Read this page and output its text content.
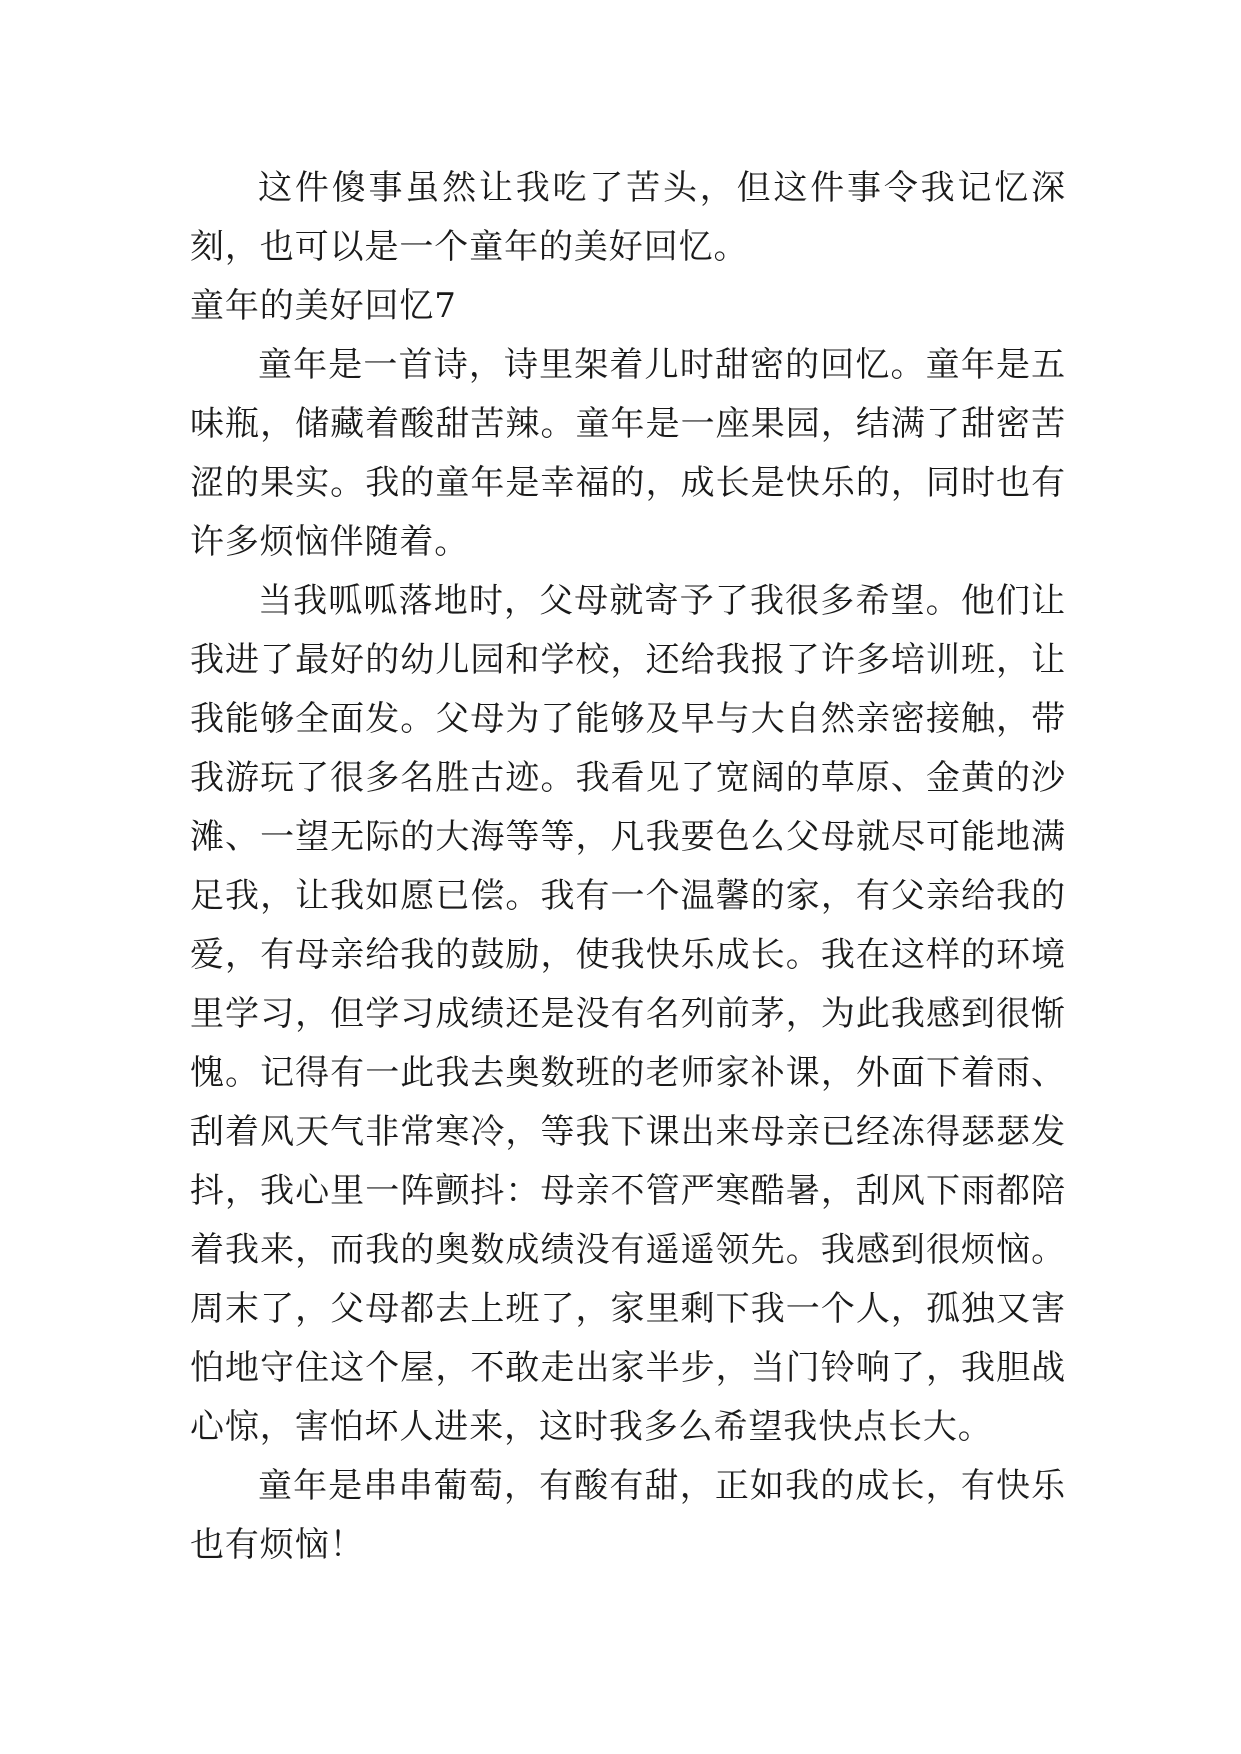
这件傻事虽然让我吃了苦头，但这件事令我记忆深刻，也可以是一个童年的美好回忆。

童年的美好回忆7

童年是一首诗，诗里架着儿时甜密的回忆。童年是五味瓶，储藏着酸甜苦辣。童年是一座果园，结满了甜密苦涩的果实。我的童年是幸福的，成长是快乐的，同时也有许多烦恼伴随着。

当我呱呱落地时，父母就寄予了我很多希望。他们让我进了最好的幼儿园和学校，还给我报了许多培训班，让我能够全面发。父母为了能够及早与大自然亲密接触，带我游玩了很多名胜古迹。我看见了宽阔的草原、金黄的沙滩、一望无际的大海等等，凡我要色么父母就尽可能地满足我，让我如愿已偿。我有一个温馨的家，有父亲给我的爱，有母亲给我的鼓励，使我快乐成长。我在这样的环境里学习，但学习成绩还是没有名列前茅，为此我感到很惭愧。记得有一此我去奥数班的老师家补课，外面下着雨、刮着风天气非常寒冷，等我下课出来母亲已经冻得瑟瑟发抖，我心里一阵颤抖：母亲不管严寒酷暑，刮风下雨都陪着我来，而我的奥数成绩没有遥遥领先。我感到很烦恼。周末了，父母都去上班了，家里剩下我一个人，孤独又害怕地守住这个屋，不敢走出家半步，当门铃响了，我胆战心惊，害怕坏人进来，这时我多么希望我快点长大。

童年是串串葡萄，有酸有甜，正如我的成长，有快乐也有烦恼！
